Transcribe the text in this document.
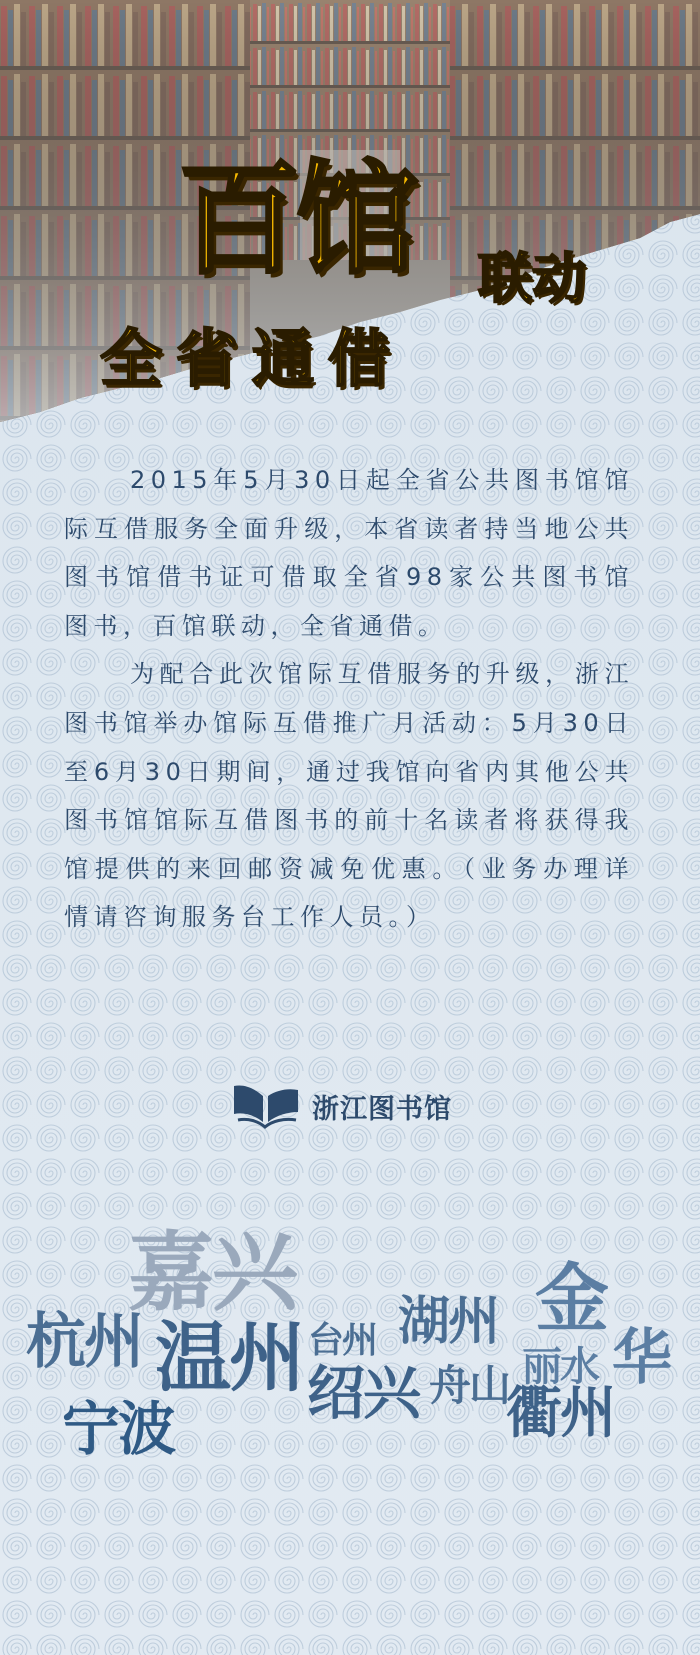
百馆 联动
全省通借

2015年5月30日起全省公共图书馆馆际互借服务全面升级，本省读者持当地公共图书馆借书证可借取全省98家公共图书馆图书，百馆联动，全省通借。

为配合此次馆际互借服务的升级，浙江图书馆举办馆际互借推广月活动：5月30日至6月30日期间，通过我馆向省内其他公共图书馆馆际互借图书的前十名读者将获得我馆提供的来回邮资减免优惠。（业务办理详情请咨询服务台工作人员。）

浙江图书馆
嘉兴
杭州 温州
宁波
台州
绍兴
湖州
舟山
金
丽水 华
衢州
